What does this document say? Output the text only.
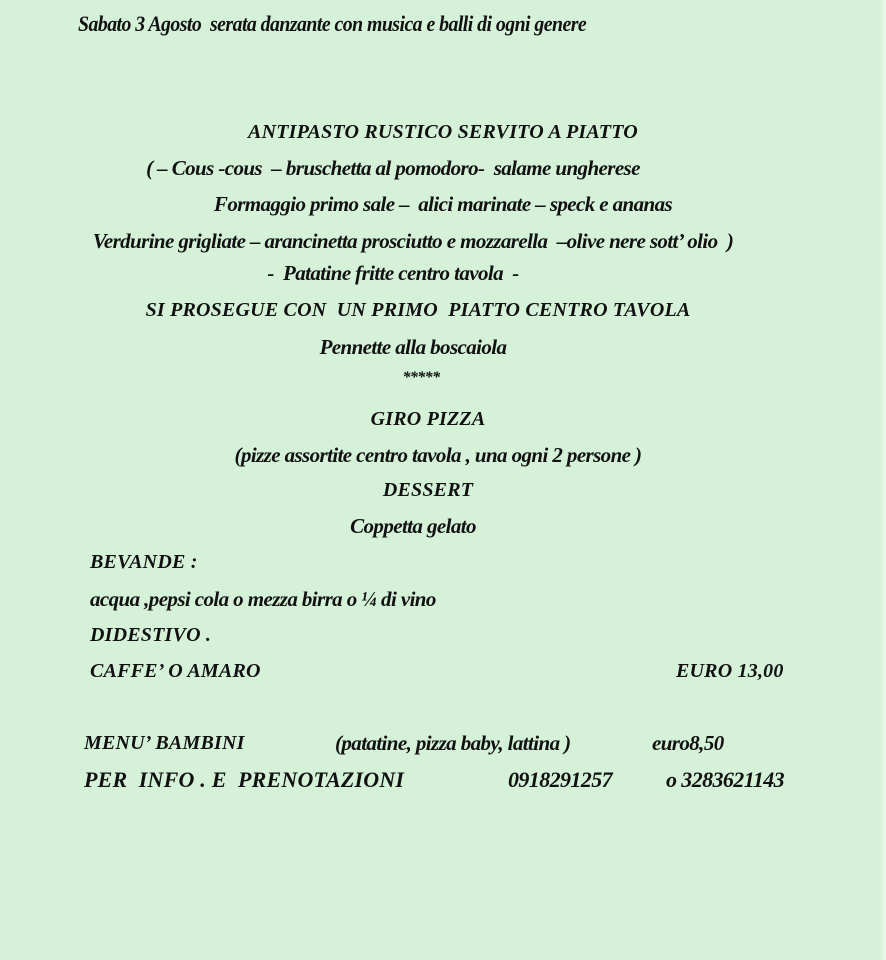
Sabato 3 Agosto  serata danzante con musica e balli di ogni genere
ANTIPASTO RUSTICO SERVITO A PIATTO
( – Cous -cous  – bruschetta al pomodoro-  salame ungherese
Formaggio primo sale –  alici marinate – speck e ananas
Verdurine grigliate – arancinetta prosciutto e mozzarella  –olive nere sott’ olio  )
-  Patatine fritte centro tavola  -
SI PROSEGUE CON  UN PRIMO  PIATTO CENTRO TAVOLA
Pennette alla boscaiola
*****
GIRO PIZZA
(pizze assortite centro tavola , una ogni 2 persone )
DESSERT
Coppetta gelato
BEVANDE :
acqua ,pepsi cola o mezza birra o ¼ di vino
DIDESTIVO .
CAFFE’ O AMARO	EURO 13,00
MENU’ BAMBINI	(patatine, pizza baby, lattina )	euro8,50
PER  INFO . E  PRENOTAZIONI	0918291257 o 3283621143
